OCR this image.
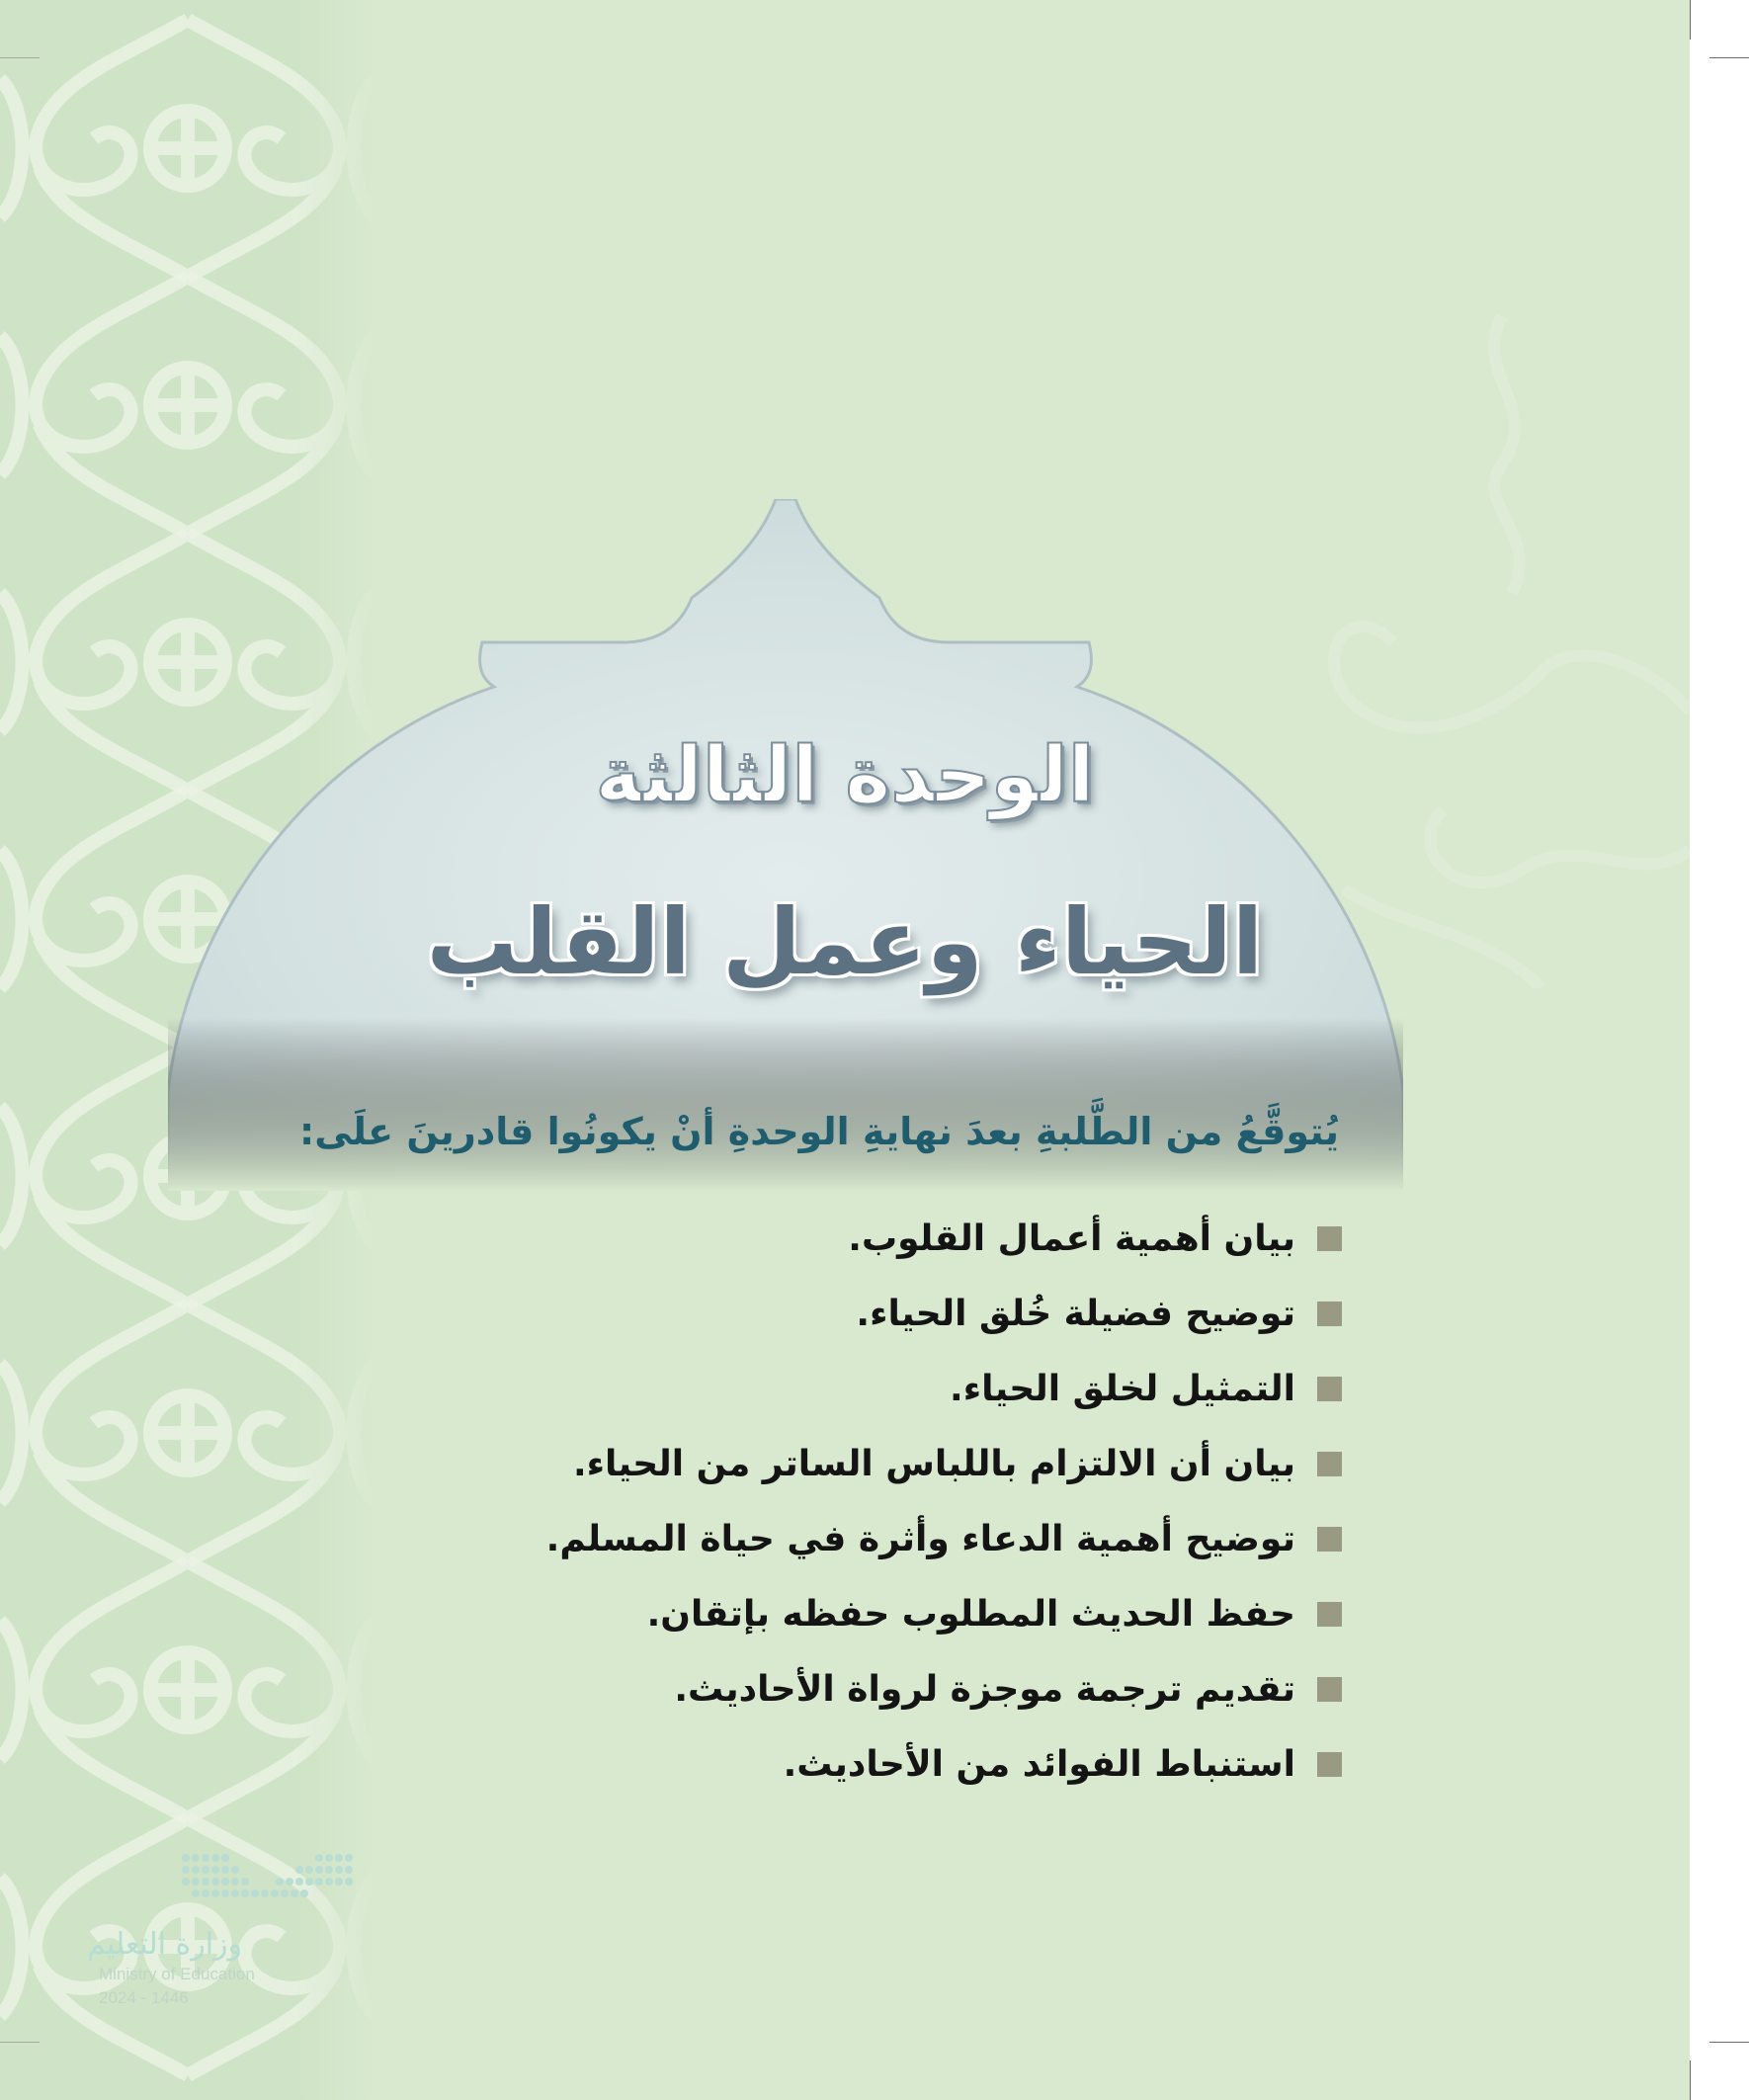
الوحدة الثالثة
الحياء وعمل القلب
يُتوقَّعُ من الطَّلبةِ بعدَ نهايةِ الوحدةِ أنْ يكونُوا قادرينَ علَى:
بيان أهمية أعمال القلوب.
توضيح فضيلة خُلق الحياء.
التمثيل لخلق الحياء.
بيان أن الالتزام باللباس الساتر من الحياء.
توضيح أهمية الدعاء وأثرة في حياة المسلم.
حفظ الحديث المطلوب حفظه بإتقان.
تقديم ترجمة موجزة لرواة الأحاديث.
استنباط الفوائد من الأحاديث.
وزارة التعليم
Ministry of Education
2024 - 1446
